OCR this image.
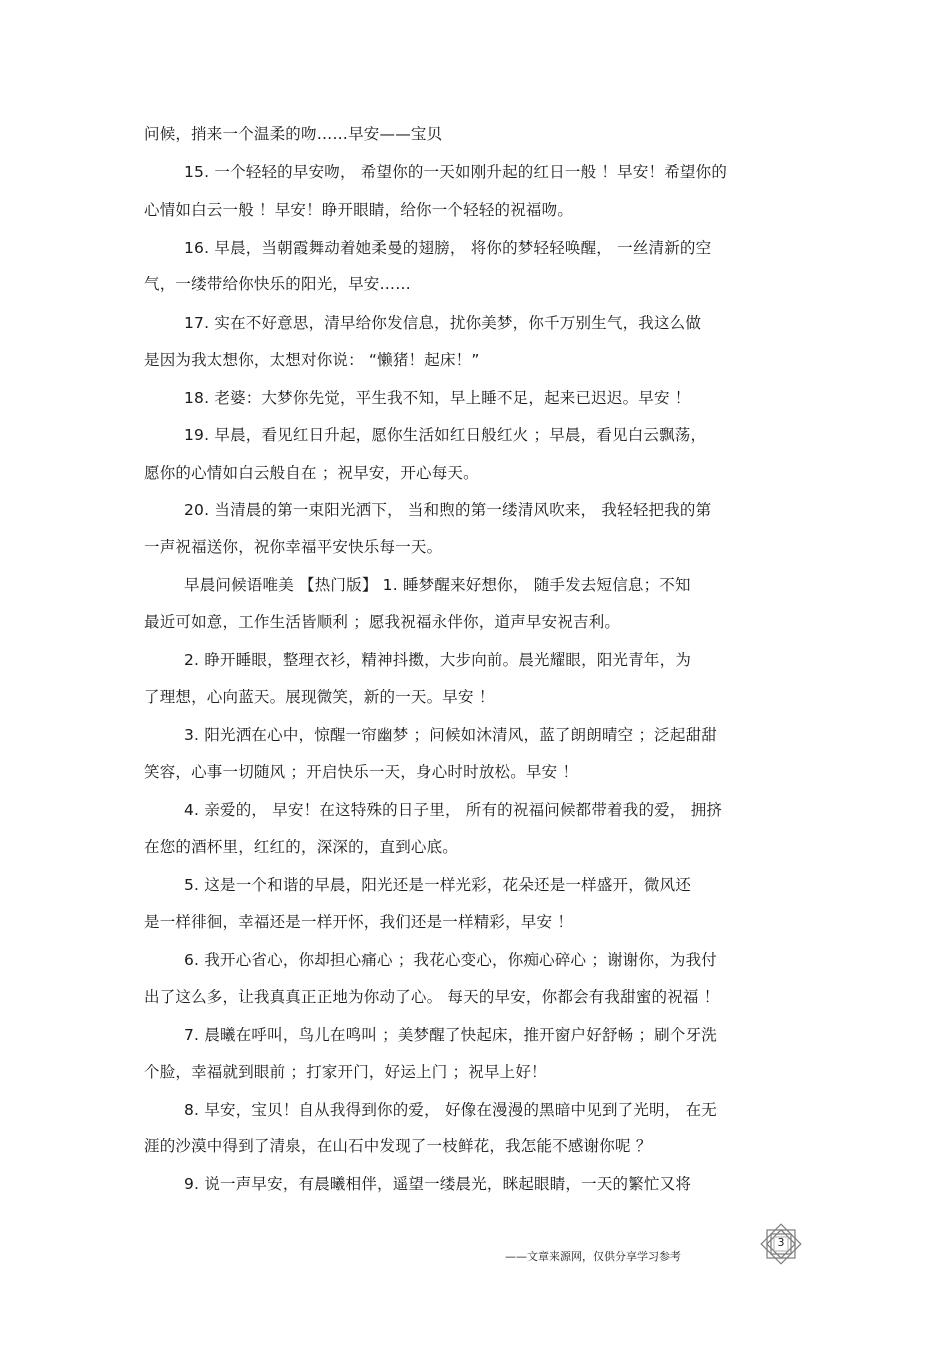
问候，捎来一个温柔的吻……早安——宝贝
15. 一个轻轻的早安吻， 希望你的一天如刚升起的红日一般 ！早安！希望你的
心情如白云一般 ！早安！睁开眼睛，给你一个轻轻的祝福吻。
16. 早晨，当朝霞舞动着她柔曼的翅膀， 将你的梦轻轻唤醒， 一丝清新的空
气，一缕带给你快乐的阳光，早安……
17. 实在不好意思，清早给你发信息，扰你美梦，你千万别生气，我这么做
是因为我太想你，太想对你说： “懒猪！起床！”
18. 老婆：大梦你先觉，平生我不知，早上睡不足，起来已迟迟。早安 ！
19. 早晨，看见红日升起，愿你生活如红日般红火 ；早晨，看见白云飘荡，
愿你的心情如白云般自在 ；祝早安，开心每天。
20. 当清晨的第一束阳光洒下， 当和煦的第一缕清风吹来， 我轻轻把我的第
一声祝福送你，祝你幸福平安快乐每一天。
早晨问候语唯美 【热门版】 1. 睡梦醒来好想你， 随手发去短信息；不知
最近可如意，工作生活皆顺利 ；愿我祝福永伴你，道声早安祝吉利。
2. 睁开睡眼，整理衣衫，精神抖擞，大步向前。晨光耀眼，阳光青年，为
了理想，心向蓝天。展现微笑，新的一天。早安 ！
3. 阳光洒在心中，惊醒一帘幽梦 ；问候如沐清风，蓝了朗朗晴空 ；泛起甜甜
笑容，心事一切随风 ；开启快乐一天，身心时时放松。早安 ！
4. 亲爱的， 早安！在这特殊的日子里， 所有的祝福问候都带着我的爱， 拥挤
在您的酒杯里，红红的，深深的，直到心底。
5. 这是一个和谐的早晨，阳光还是一样光彩，花朵还是一样盛开，微风还
是一样徘徊，幸福还是一样开怀，我们还是一样精彩，早安 ！
6. 我开心省心，你却担心痛心 ；我花心变心，你痴心碎心 ；谢谢你，为我付
出了这么多，让我真真正正地为你动了心。 每天的早安，你都会有我甜蜜的祝福 ！
7. 晨曦在呼叫，鸟儿在鸣叫 ；美梦醒了快起床，推开窗户好舒畅 ；刷个牙洗
个脸，幸福就到眼前 ；打家开门，好运上门 ；祝早上好！
8. 早安，宝贝！自从我得到你的爱， 好像在漫漫的黑暗中见到了光明， 在无
涯的沙漠中得到了清泉，在山石中发现了一枝鲜花，我怎能不感谢你呢 ？
9. 说一声早安，有晨曦相伴，遥望一缕晨光，眯起眼睛，一天的繁忙又将
——文章来源网，仅供分享学习参考
3
